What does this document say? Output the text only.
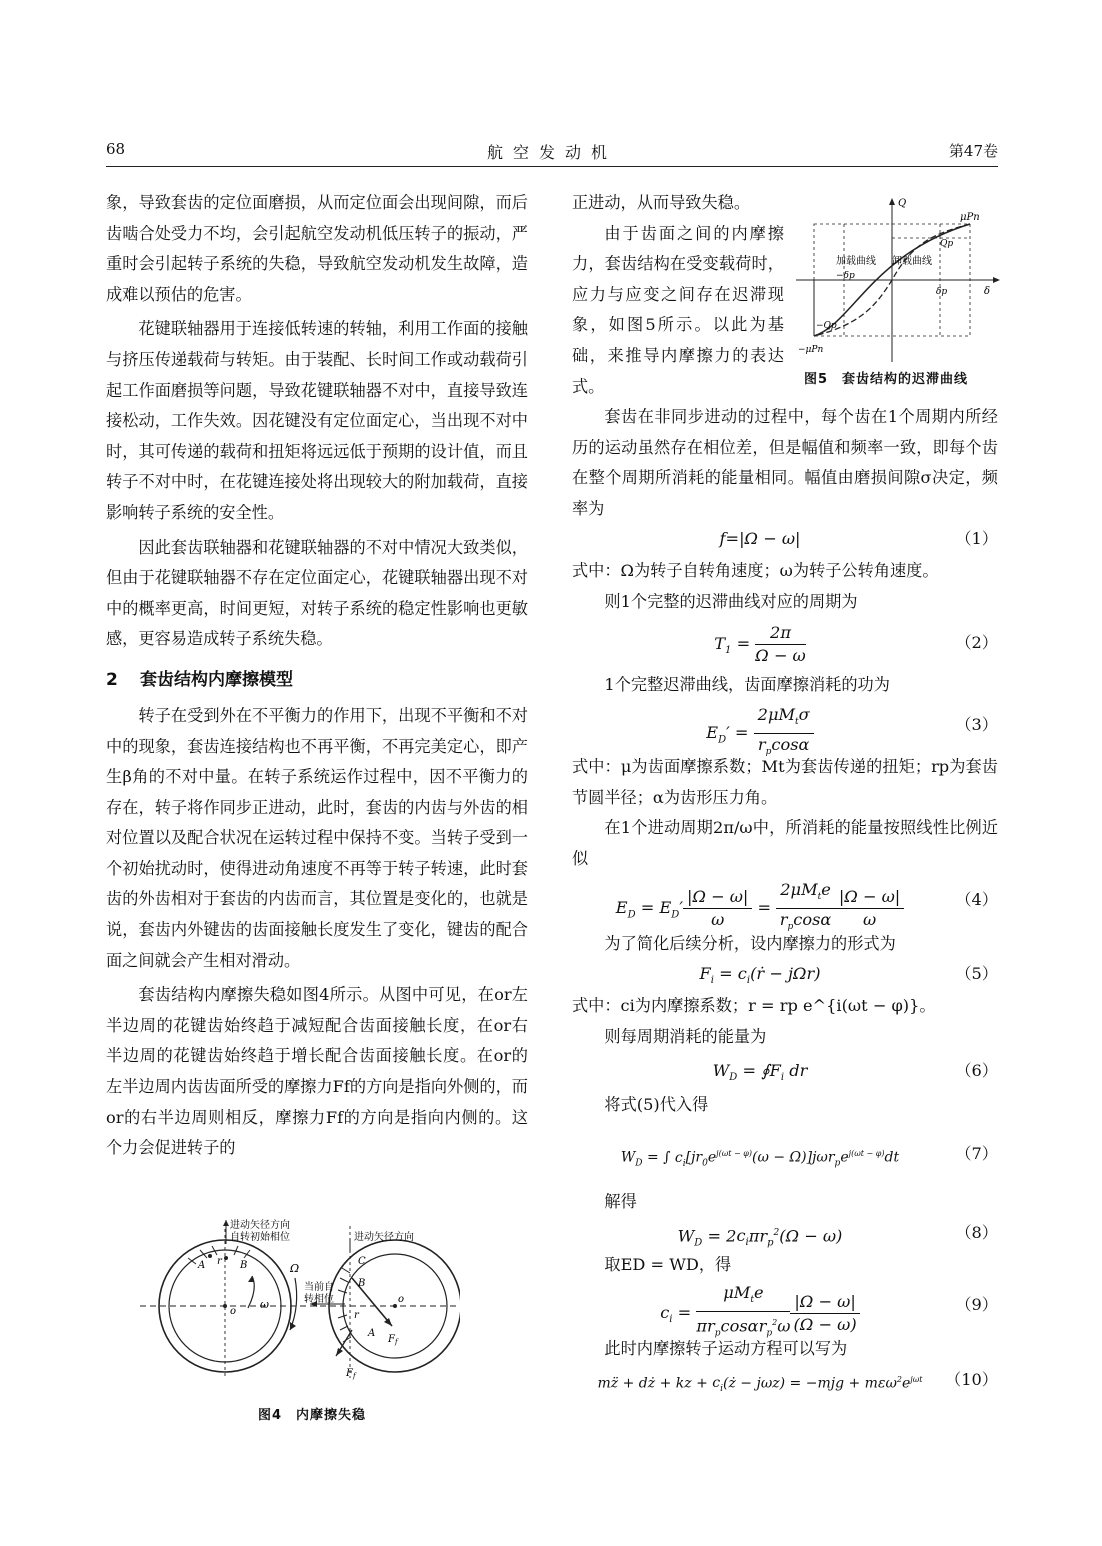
68	航空发动机	第47卷

象，导致套齿的定位面磨损，从而定位面会出现间隙，而后齿啮合处受力不均，会引起航空发动机低压转子的振动，严重时会引起转子系统的失稳，导致航空发动机发生故障，造成难以预估的危害。

花键联轴器用于连接低转速的转轴，利用工作面的接触与挤压传递载荷与转矩。由于装配、长时间工作或动载荷引起工作面磨损等问题，导致花键联轴器不对中，直接导致连接松动，工作失效。因花键没有定位面定心，当出现不对中时，其可传递的载荷和扭矩将远远低于预期的设计值，而且转子不对中时，在花键连接处将出现较大的附加载荷，直接影响转子系统的安全性。

因此套齿联轴器和花键联轴器的不对中情况大致类似，但由于花键联轴器不存在定位面定心，花键联轴器出现不对中的概率更高，时间更短，对转子系统的稳定性影响也更敏感，更容易造成转子系统失稳。

2 套齿结构内摩擦模型

转子在受到外在不平衡力的作用下，出现不平衡和不对中的现象，套齿连接结构也不再平衡，不再完美定心，即产生β角的不对中量。在转子系统运作过程中，因不平衡力的存在，转子将作同步正进动，此时，套齿的内齿与外齿的相对位置以及配合状况在运转过程中保持不变。当转子受到一个初始扰动时，使得进动角速度不再等于转子转速，此时套齿的外齿相对于套齿的内齿而言，其位置是变化的，也就是说，套齿内外键齿的齿面接触长度发生了变化，键齿的配合面之间就会产生相对滑动。

套齿结构内摩擦失稳如图4所示。从图中可见，在or左半边周的花键齿始终趋于减短配合齿面接触长度，在or右半边周的花键齿始终趋于增长配合齿面接触长度。在or的左半边周内齿齿面所受的摩擦力Ff的方向是指向外侧的，而or的右半边周则相反，摩擦力Ff的方向是指向内侧的。这个力会促进转子的

进动矢径方向
自转初始相位	进动矢径方向
当前自
转相位
A r B
o
ω
Ω
C
B
o
r
A
$F_f$
$F_f$
图4　内摩擦失稳
Q
δ
μPn
Qp
加载曲线 卸载曲线
−δp
δp
−Qp
−μPn
图5　套齿结构的迟滞曲线

正进动，从而导致失稳。

由于齿面之间的内摩擦力，套齿结构在受变载荷时，应力与应变之间存在迟滞现象，如图5所示。以此为基础，来推导内摩擦力的表达式。

套齿在非同步进动的过程中，每个齿在1个周期内所经历的运动虽然存在相位差，但是幅值和频率一致，即每个齿在整个周期所消耗的能量相同。幅值由磨损间隙σ决定，频率为

f=|Ω − ω|	（1）

式中：Ω为转子自转角速度；ω为转子公转角速度。

则1个完整的迟滞曲线对应的周期为

$T_1 = \frac{2\pi}{\Omega - \omega}$	（2）

1个完整迟滞曲线，齿面摩擦消耗的功为

$E_D' = \frac{2\mu M_t\sigma}{r_p\cos\alpha}$	（3）

式中：μ为齿面摩擦系数；Mt为套齿传递的扭矩；rp为套齿节圆半径；α为齿形压力角。

在1个进动周期2π/ω中，所消耗的能量按照线性比例近似

$E_D = E_D' \frac{|\Omega - \omega|}{\omega} = \frac{2\mu M_te}{r_p\cos\alpha} \frac{|\Omega - \omega|}{\omega}$	（4）

为了简化后续分析，设内摩擦力的形式为

$F_i$ = $c_i(ṙ - j\Omega r)$	（5）

式中：ci为内摩擦系数；r = rp e^{i(ωt − φ)}。

则每周期消耗的能量为

$W_D$ = $∮F_i$ dr	（6）

将式(5)代入得

$W_D$ = ∫ $c_i[jr_0e^{j(\omega t - \varphi)}(\omega - \Omega)]j\omega r_pe^{j(\omega t - \varphi)}dt$	（7）

解得

$W_D = 2c_i\pi r_p^2(\Omega - \omega)$	（8）

取ED = WD，得

$c_i = \frac{\mu M_te}{\pi r_p\cos\alpha r_p^2\omega} \frac{|\Omega - \omega|}{(\Omega - \omega)}$	（9）

此时内摩擦转子运动方程可以写为

mz̈ + dż + kz + $c_i(ż - j\omega z) = -mjg + m\varepsilon\omega^2e^{j\omega t}$	（10）
